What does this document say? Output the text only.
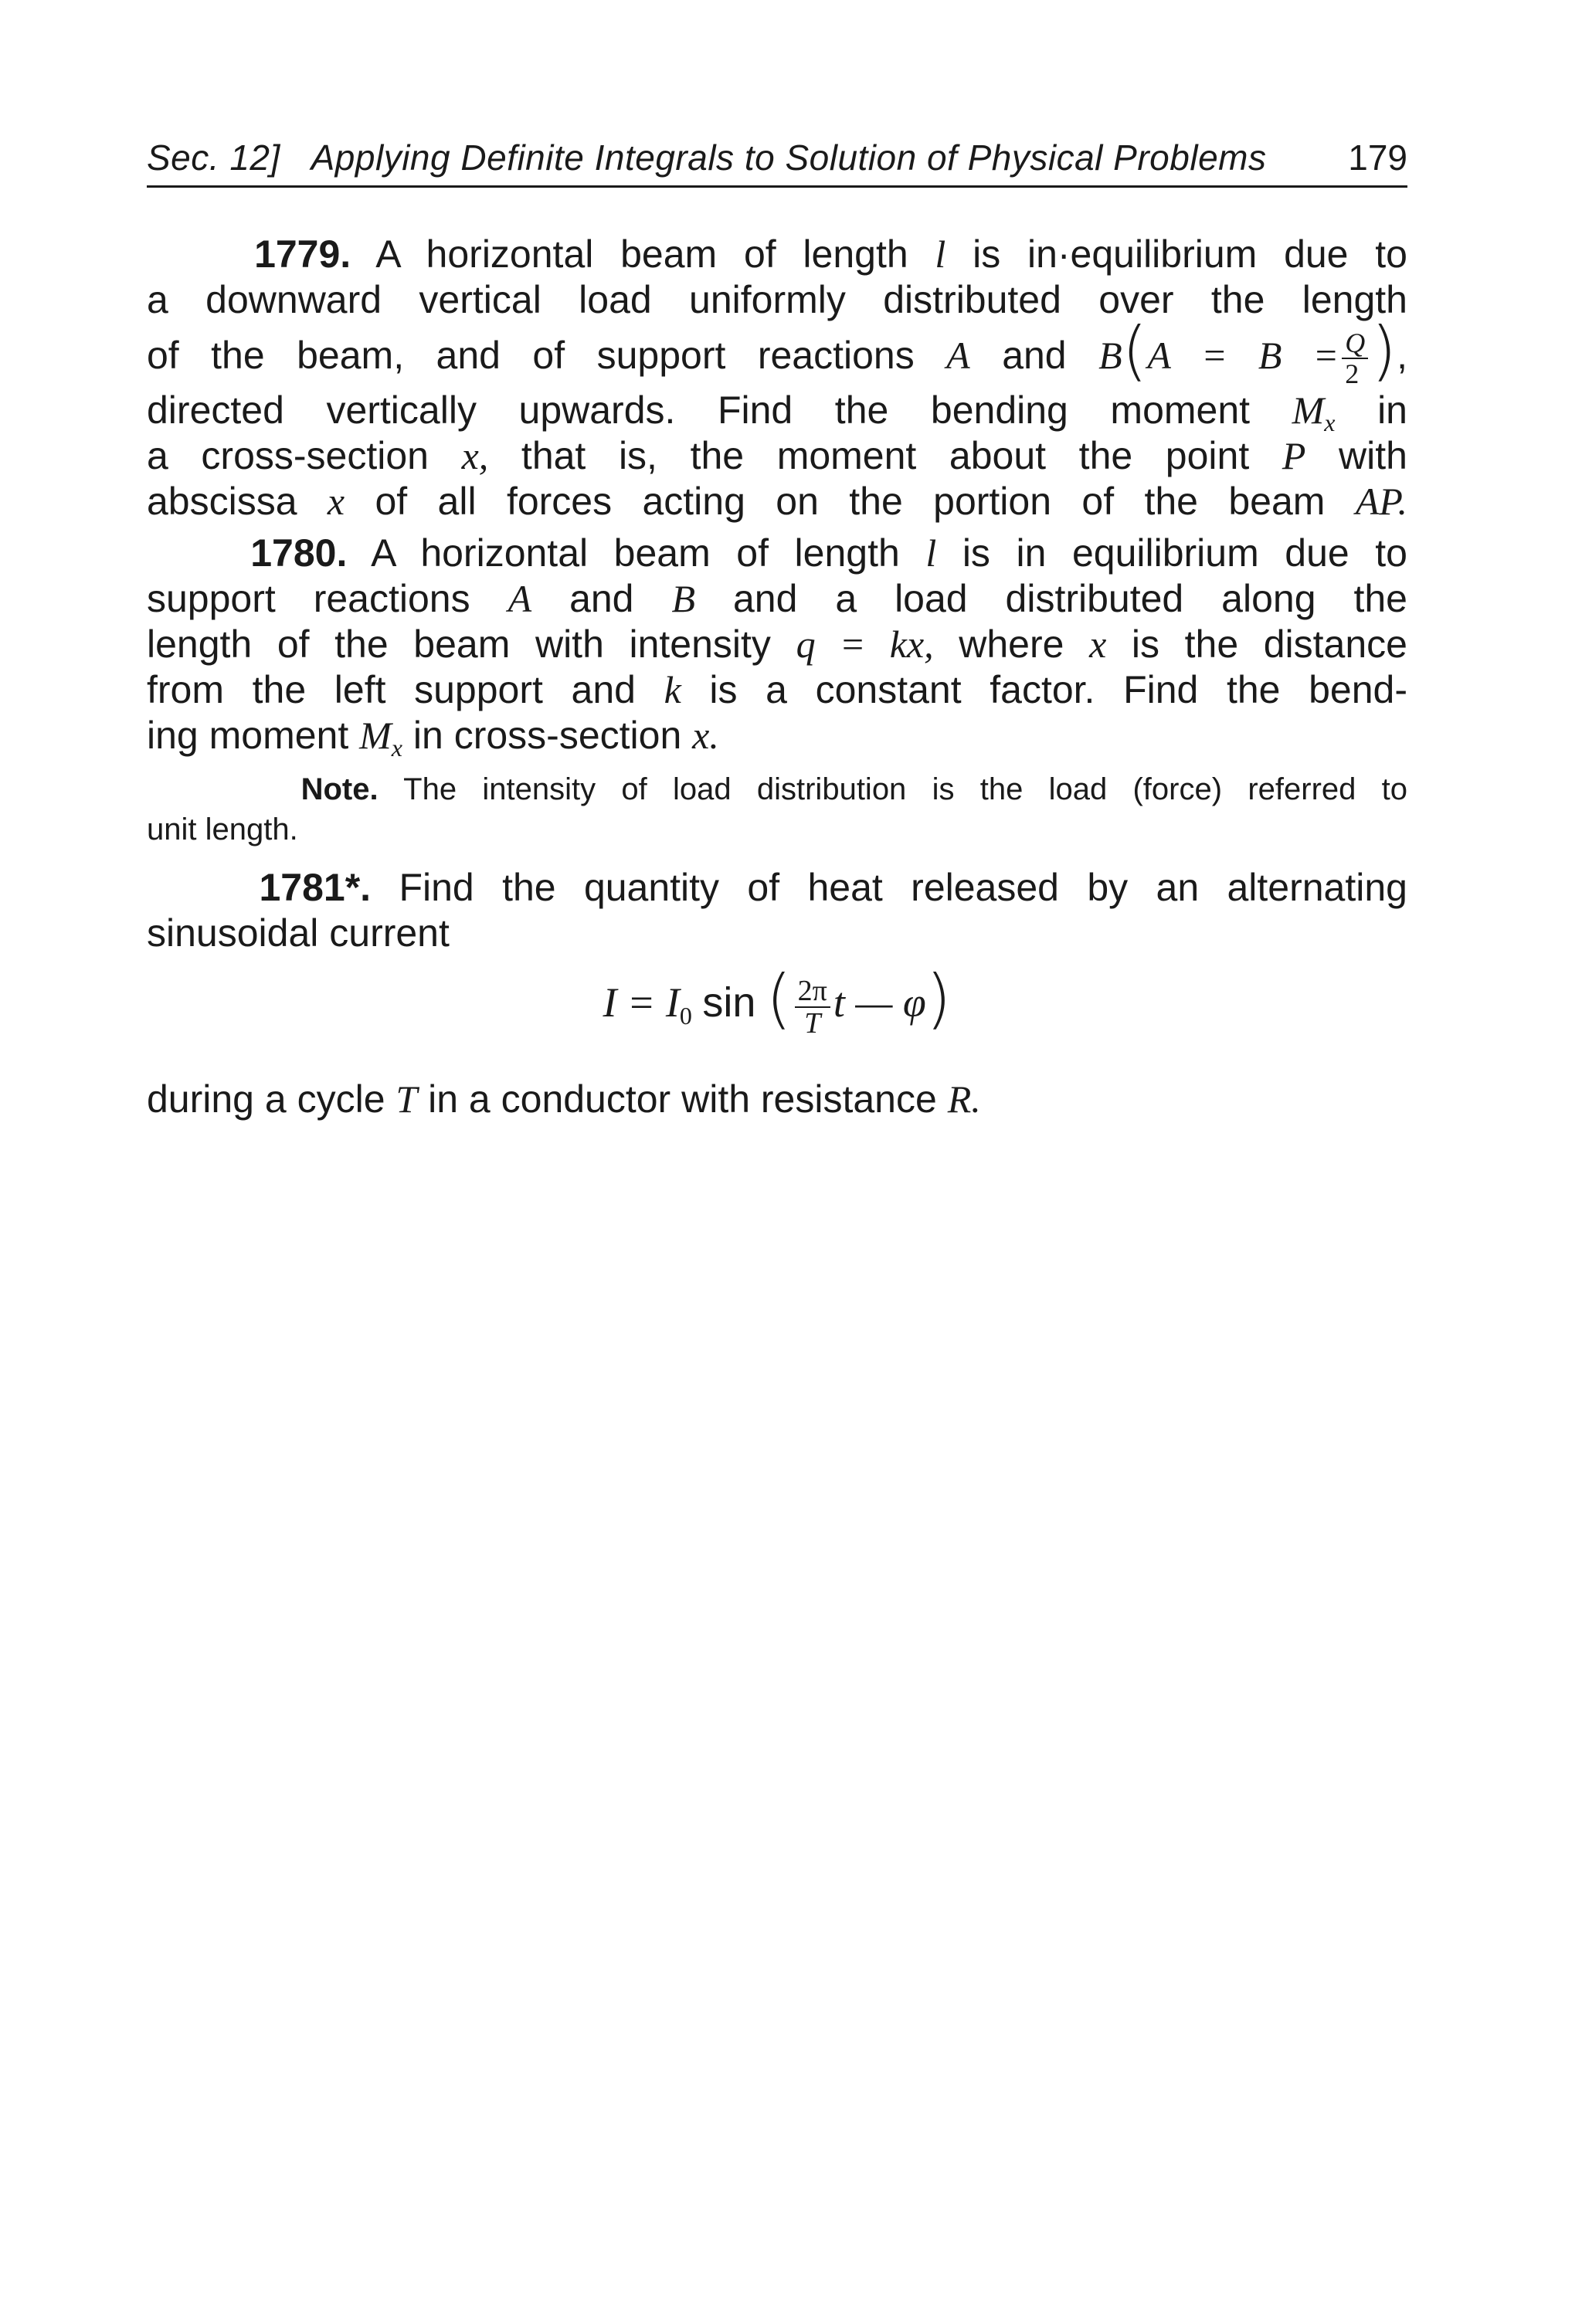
Sec. 12] Applying Definite Integrals to Solution of Physical Problems 179
1779. A horizontal beam of length l is in·equilibrium due to
a downward vertical load uniformly distributed over the length
of the beam, and of support reactions A and $B(A = B = \frac{Q}{2}$ ),
directed vertically upwards. Find the bending moment $M_x$ in
a cross-section x, that is, the moment about the point P with
abscissa x of all forces acting on the portion of the beam AP.
1780. A horizontal beam of length l is in equilibrium due to
support reactions A and B and a load distributed along the
length of the beam with intensity q = kx, where x is the distance
from the left support and k is a constant factor. Find the bend-
ing moment $M_x$ in cross-section x.
Note. The intensity of load distribution is the load (force) referred to
unit length.
1781*. Find the quantity of heat released by an alternating
sinusoidal current
$I = I_0$ sin ( $\frac{2\pi}{T}$ t — φ)
during a cycle T in a conductor with resistance R.
